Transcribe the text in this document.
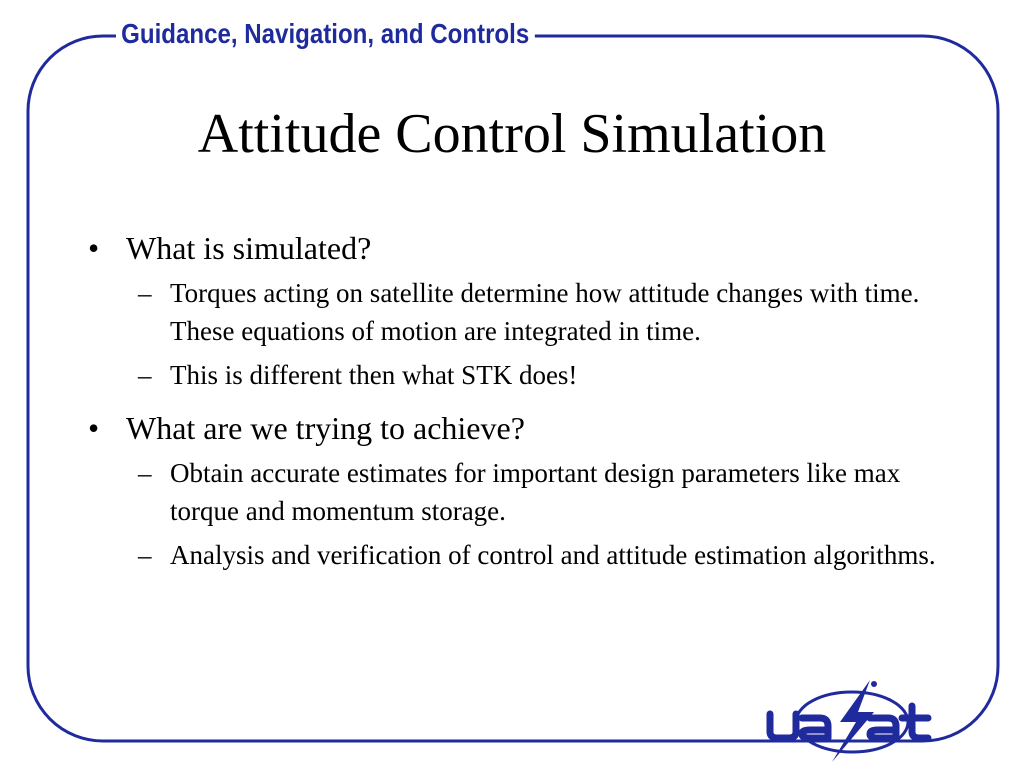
Guidance, Navigation, and Controls
Attitude Control Simulation
• What is simulated?
– Torques acting on satellite determine how attitude changes with time. These equations of motion are integrated in time.
– This is different then what STK does!
• What are we trying to achieve?
– Obtain accurate estimates for important design parameters like max torque and momentum storage.
– Analysis and verification of control and attitude estimation algorithms.
